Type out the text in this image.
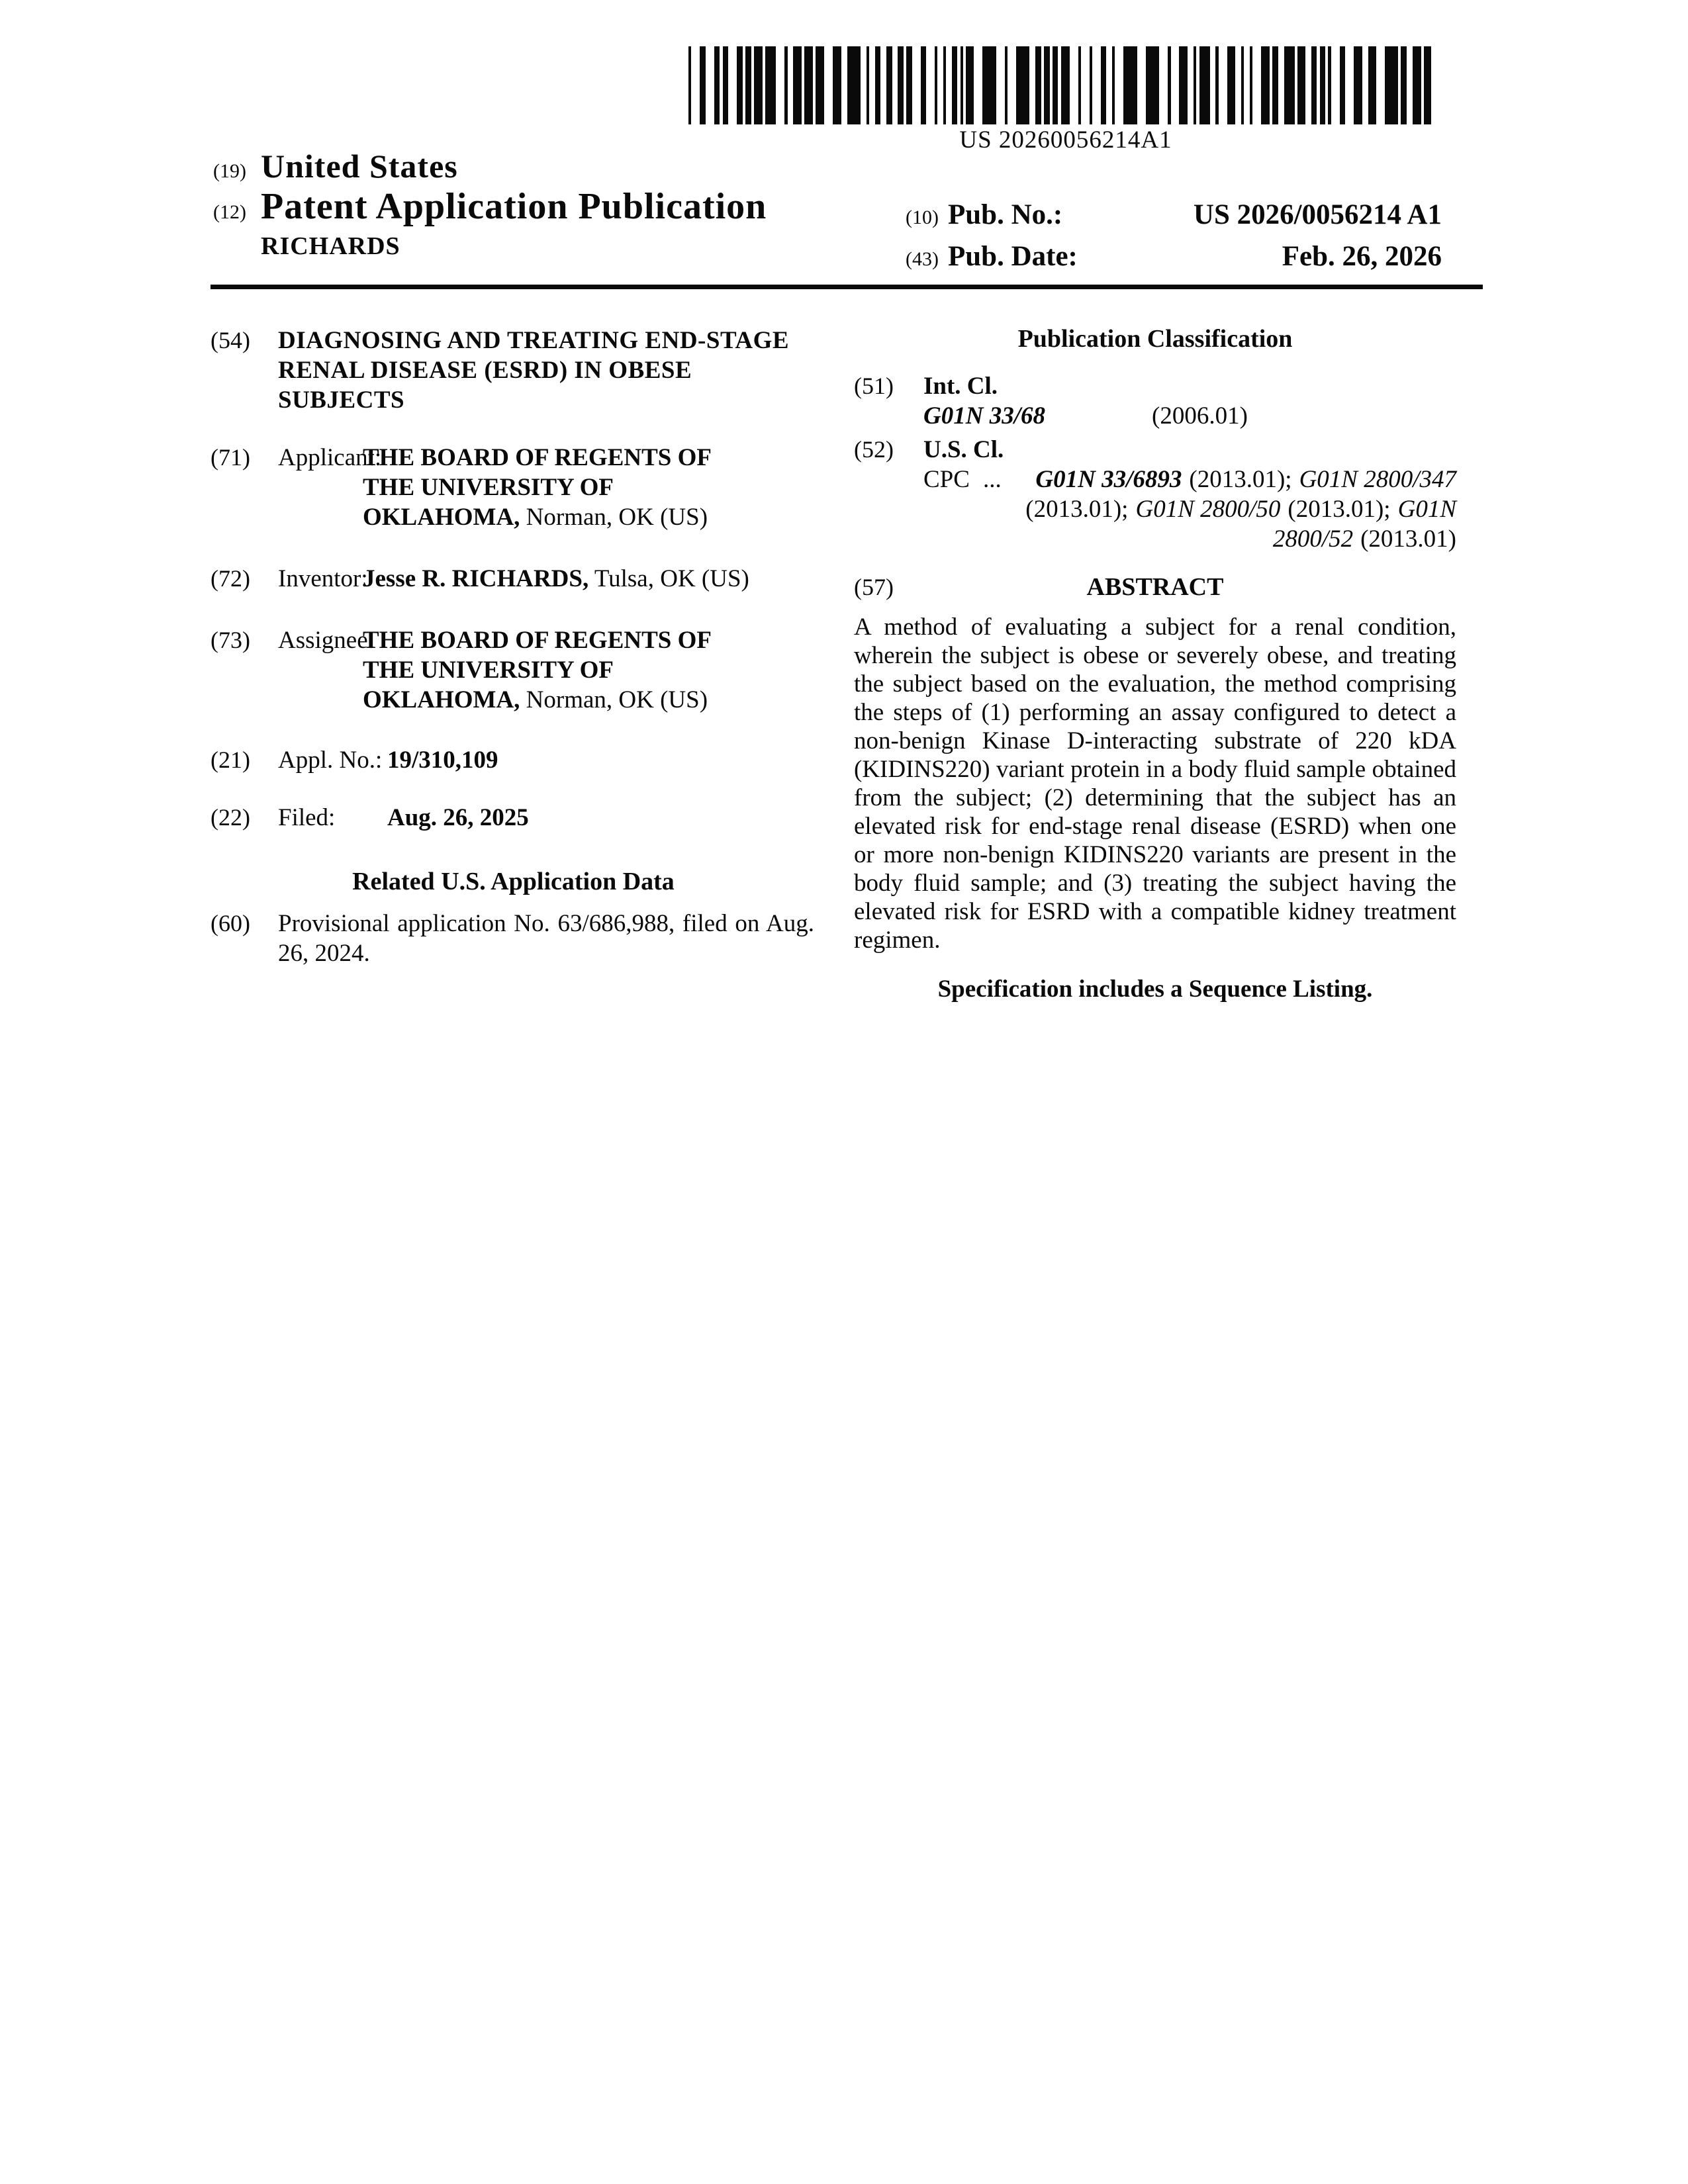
US 20260056214A1
(19) United States
(12) Patent Application Publication
RICHARDS
(10) Pub. No.:	US 2026/0056214 A1
(43) Pub. Date:	Feb. 26, 2026
(54)	DIAGNOSING AND TREATING END-STAGE RENAL DISEASE (ESRD) IN OBESE SUBJECTS
(71)	Applicant:
THE BOARD OF REGENTS OF THE UNIVERSITY OF OKLAHOMA, Norman, OK (US)
(72)	Inventor:
Jesse R. RICHARDS, Tulsa, OK (US)
(73)	Assignee:
THE BOARD OF REGENTS OF THE UNIVERSITY OF OKLAHOMA, Norman, OK (US)
(21)	Appl. No.: 19/310,109
(22)	Filed:	Aug. 26, 2025
Related U.S. Application Data
(60)	Provisional application No. 63/686,988, filed on Aug. 26, 2024.
Publication Classification
(51)	Int. Cl.
G01N 33/68	(2006.01)
(52)	U.S. Cl.
CPC ... G01N 33/6893 (2013.01); G01N 2800/347
(2013.01); G01N 2800/50 (2013.01); G01N
2800/52 (2013.01)
(57)	ABSTRACT

A method of evaluating a subject for a renal condition, wherein the subject is obese or severely obese, and treating the subject based on the evaluation, the method comprising the steps of (1) performing an assay configured to detect a non-benign Kinase D-interacting substrate of 220 kDA (KIDINS220) variant protein in a body fluid sample obtained from the subject; (2) determining that the subject has an elevated risk for end-stage renal disease (ESRD) when one or more non-benign KIDINS220 variants are present in the body fluid sample; and (3) treating the subject having the elevated risk for ESRD with a compatible kidney treatment regimen.

Specification includes a Sequence Listing.
